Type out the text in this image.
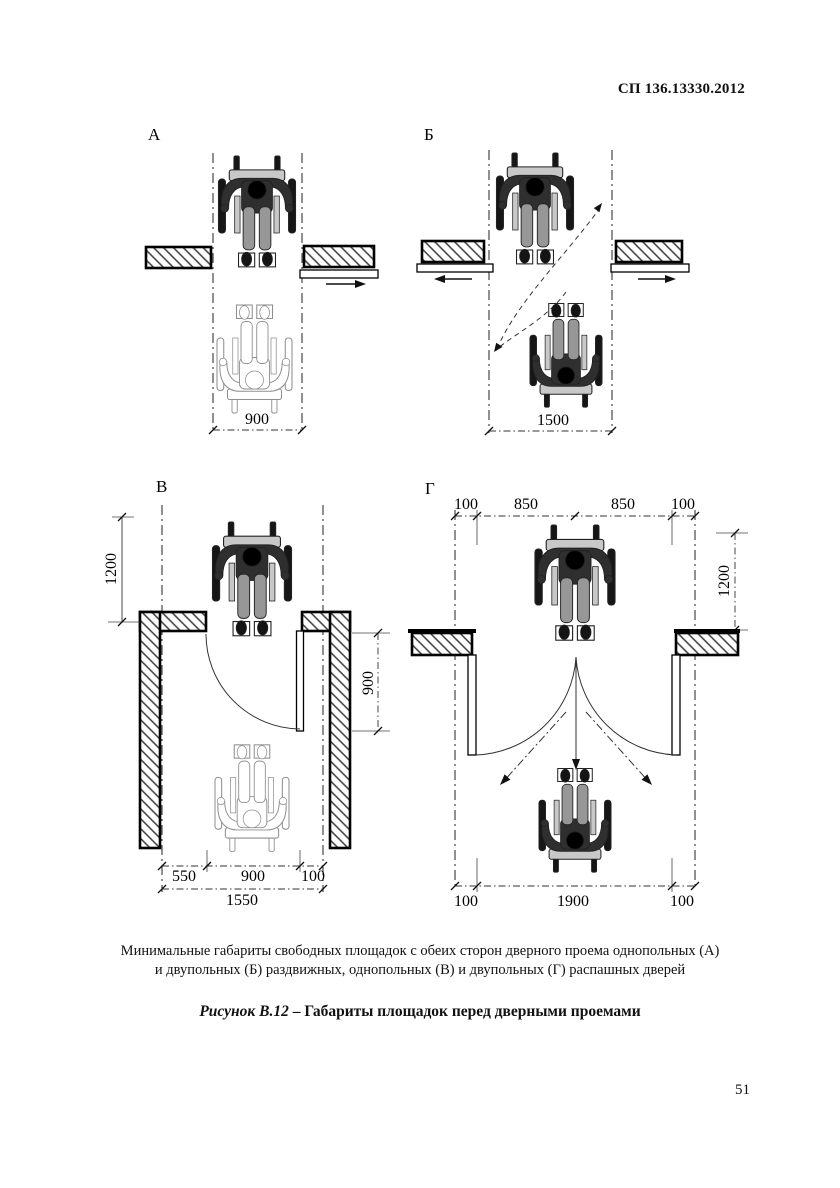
СП 136.13330.2012
А
900
Б
1500
В
1200
900
550	900 100
1550
Г
100 850	850 100
1200
100	1900	100
Минимальные габариты свободных площадок с обеих сторон дверного проема однопольных (А)
и двупольных (Б) раздвижных, однопольных (В) и двупольных (Г) распашных дверей
Рисунок В.12 – Габариты площадок перед дверными проемами
51
